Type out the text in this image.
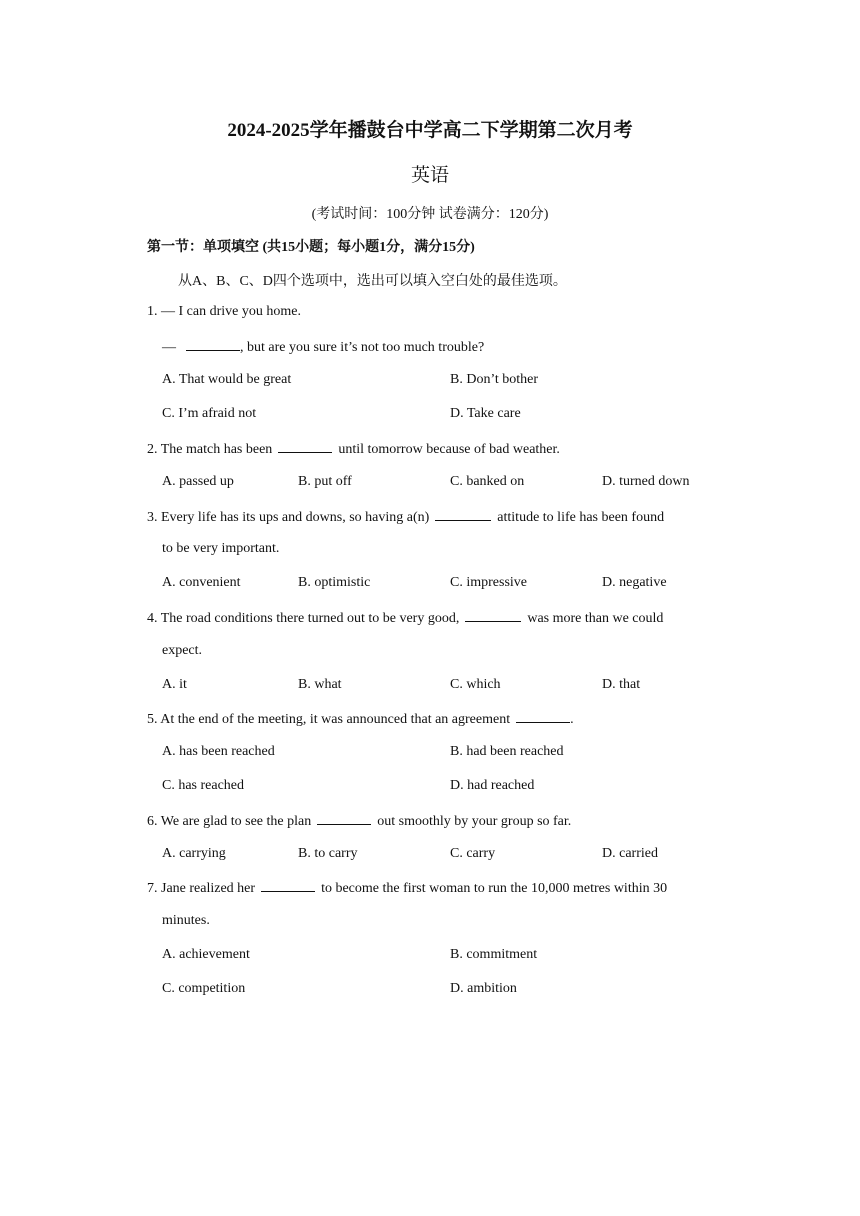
2024-2025学年播鼓台中学高二下学期第二次月考
英语
(考试时间：100分钟 试卷满分：120分)
第一节：单项填空 (共15小题；每小题1分，满分15分)
从A、B、C、D四个选项中，选出可以填入空白处的最佳选项。
1. — I can drive you home.
—	, but are you sure it’s not too much trouble?
A. That would be great	B. Don’t bother
C. I’m afraid not	D. Take care
2. The match has been	until tomorrow because of bad weather.
A. passed up	B. put off	C. banked on	D. turned down
3. Every life has its ups and downs, so having a(n)	attitude to life has been found
to be very important.
A. convenient	B. optimistic	C. impressive	D. negative
4. The road conditions there turned out to be very good,	was more than we could
expect.
A. it	B. what	C. which	D. that
5. At the end of the meeting, it was announced that an agreement	.
A. has been reached	B. had been reached
C. has reached	D. had reached
6. We are glad to see the plan	out smoothly by your group so far.
A. carrying	B. to carry	C. carry	D. carried
7. Jane realized her	to become the first woman to run the 10,000 metres within 30
minutes.
A. achievement	B. commitment
C. competition	D. ambition
